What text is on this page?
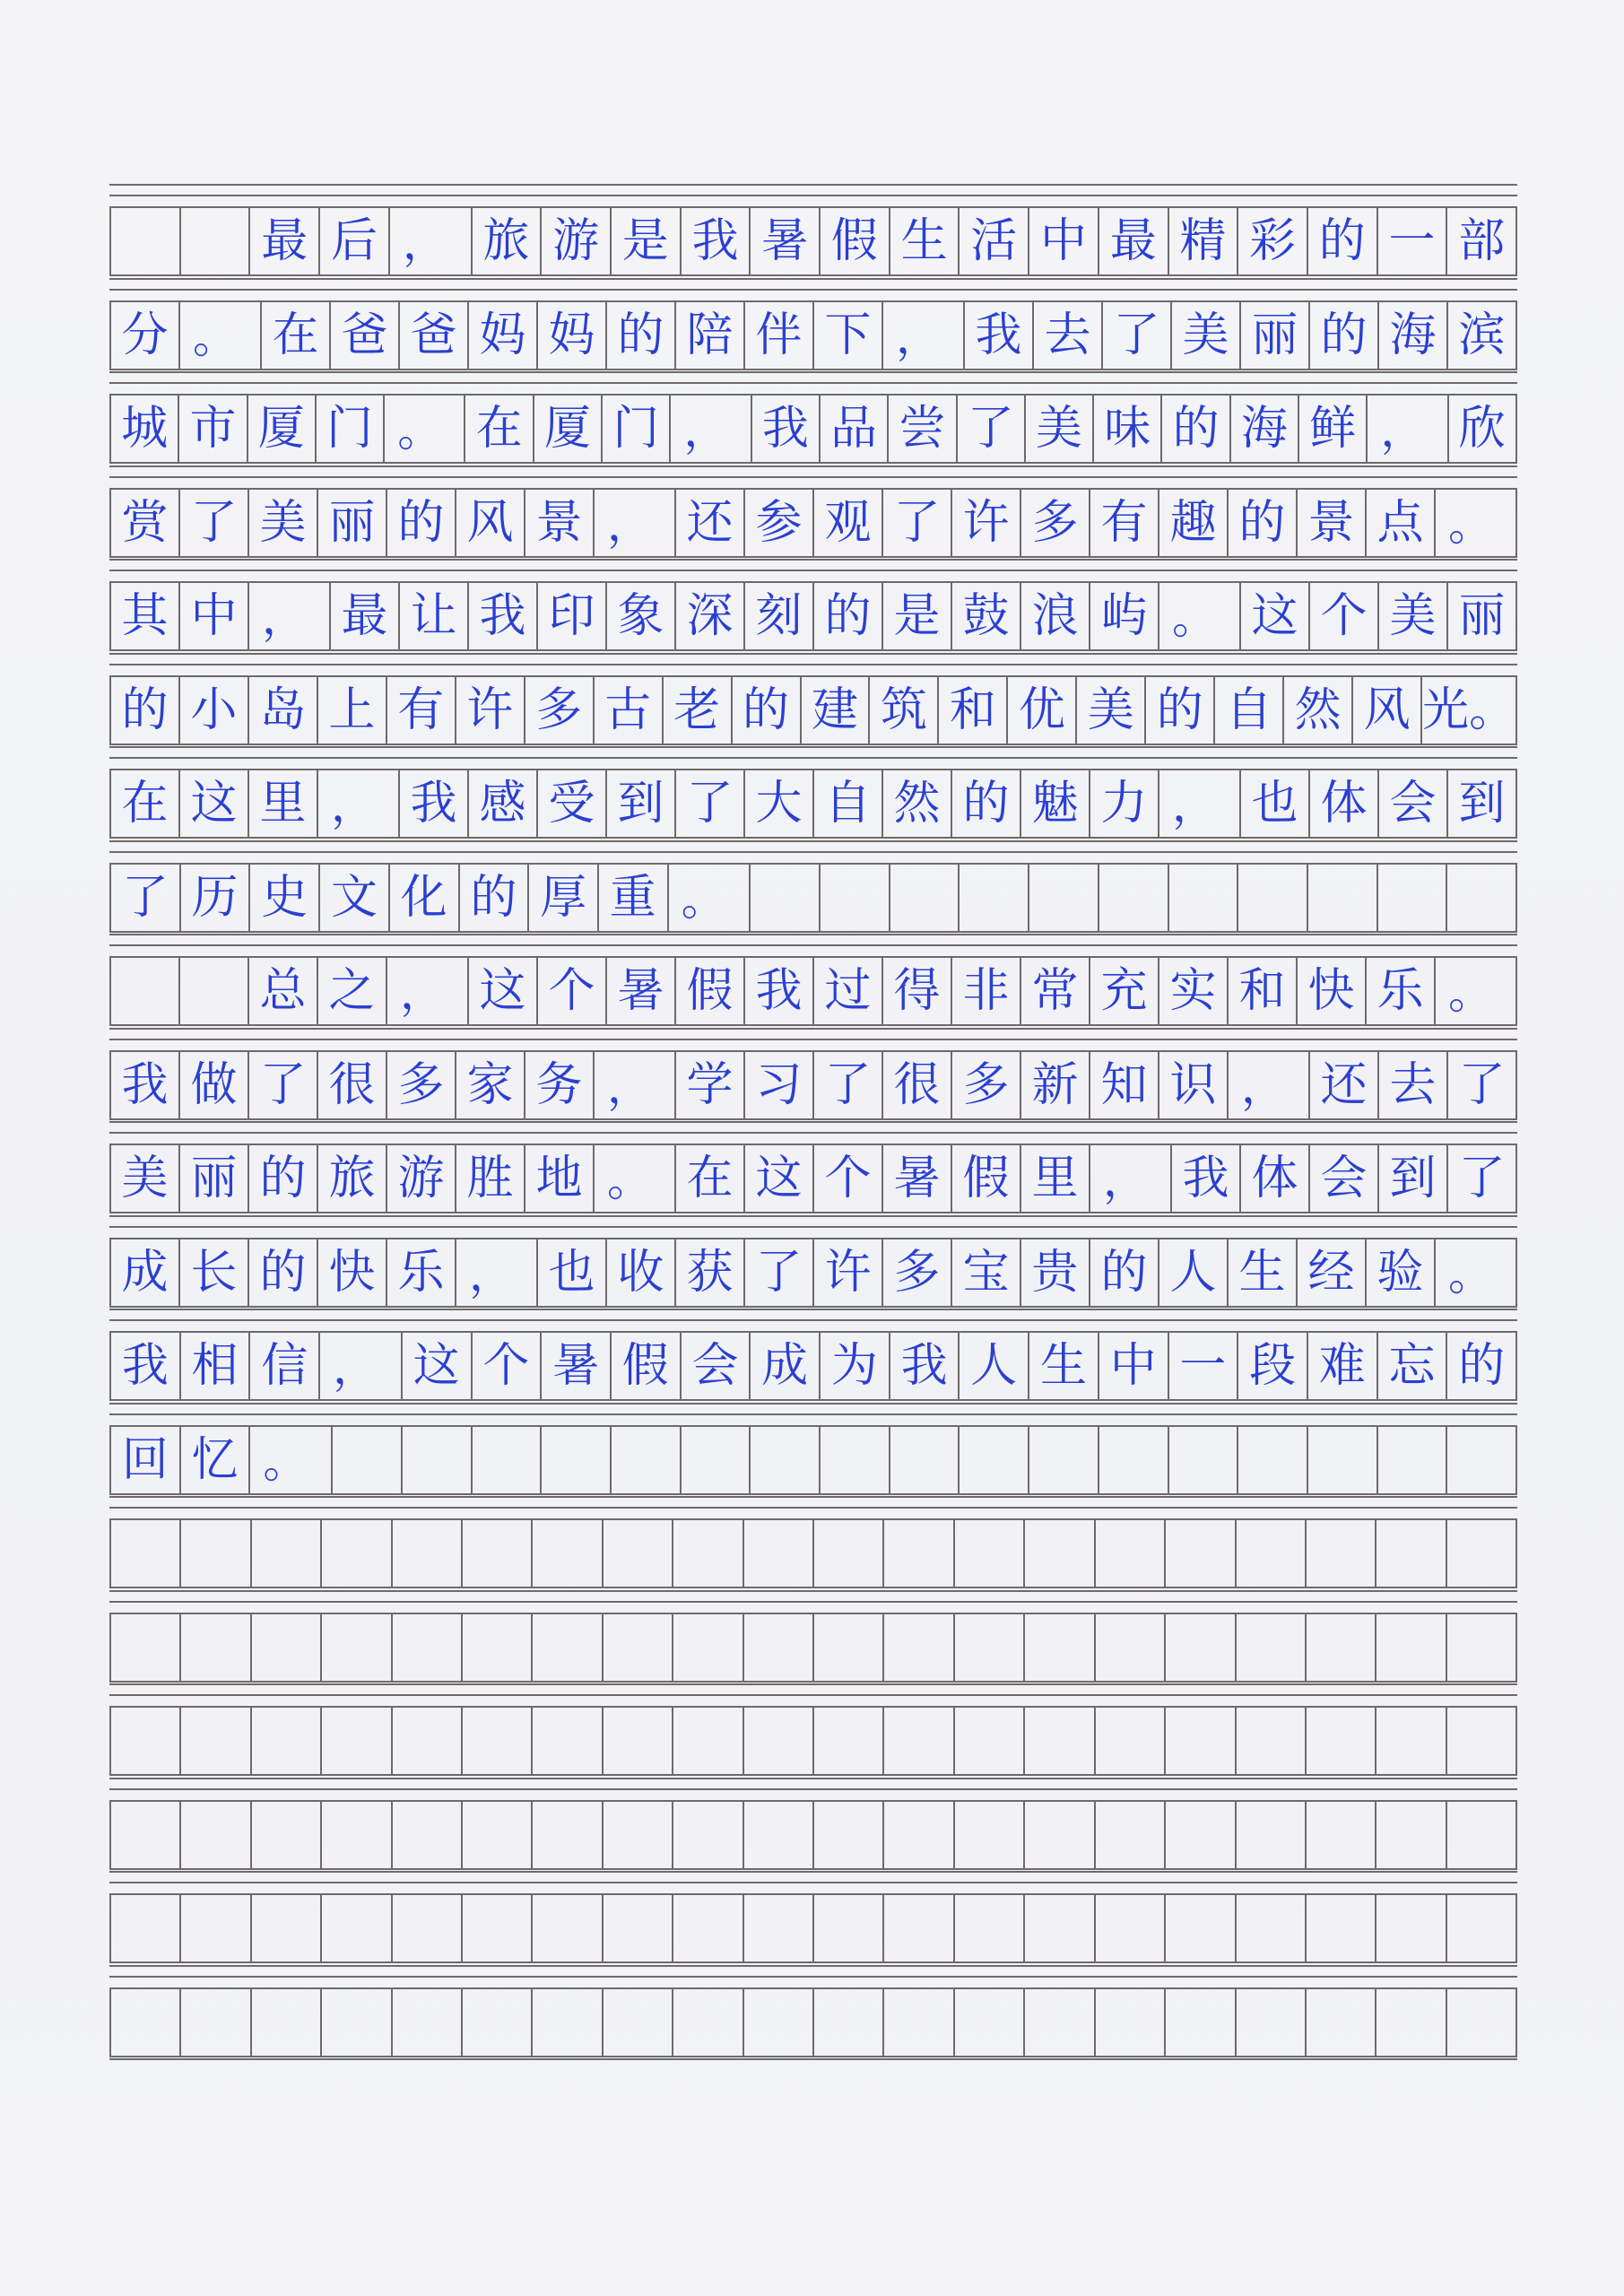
最 后 ， 旅 游 是 我 暑 假 生 活 中 最 精 彩 的 一 部
分 。 在 爸 爸 妈 妈 的 陪 伴 下 ， 我 去 了 美 丽 的 海 滨
城 市 厦 门 。 在 厦 门 ， 我 品 尝 了 美 味 的 海 鲜 ， 欣
赏 了 美 丽 的 风 景 ， 还 参 观 了 许 多 有 趣 的 景 点 。
其 中 ， 最 让 我 印 象 深 刻 的 是 鼓 浪 屿 。 这 个 美 丽
的 小 岛 上 有 许 多 古 老 的 建 筑 和 优 美 的 自 然 风 光。
在 这 里 ， 我 感 受 到 了 大 自 然 的 魅 力 ， 也 体 会 到
了 历 史 文 化 的 厚 重 。
总 之 ， 这 个 暑 假 我 过 得 非 常 充 实 和 快 乐 。
我 做 了 很 多 家 务 ， 学 习 了 很 多 新 知 识 ， 还 去 了
美 丽 的 旅 游 胜 地 。 在 这 个 暑 假 里 ， 我 体 会 到 了
成 长 的 快 乐 ， 也 收 获 了 许 多 宝 贵 的 人 生 经 验 。
我 相 信 ， 这 个 暑 假 会 成 为 我 人 生 中 一 段 难 忘 的
回 忆 。
